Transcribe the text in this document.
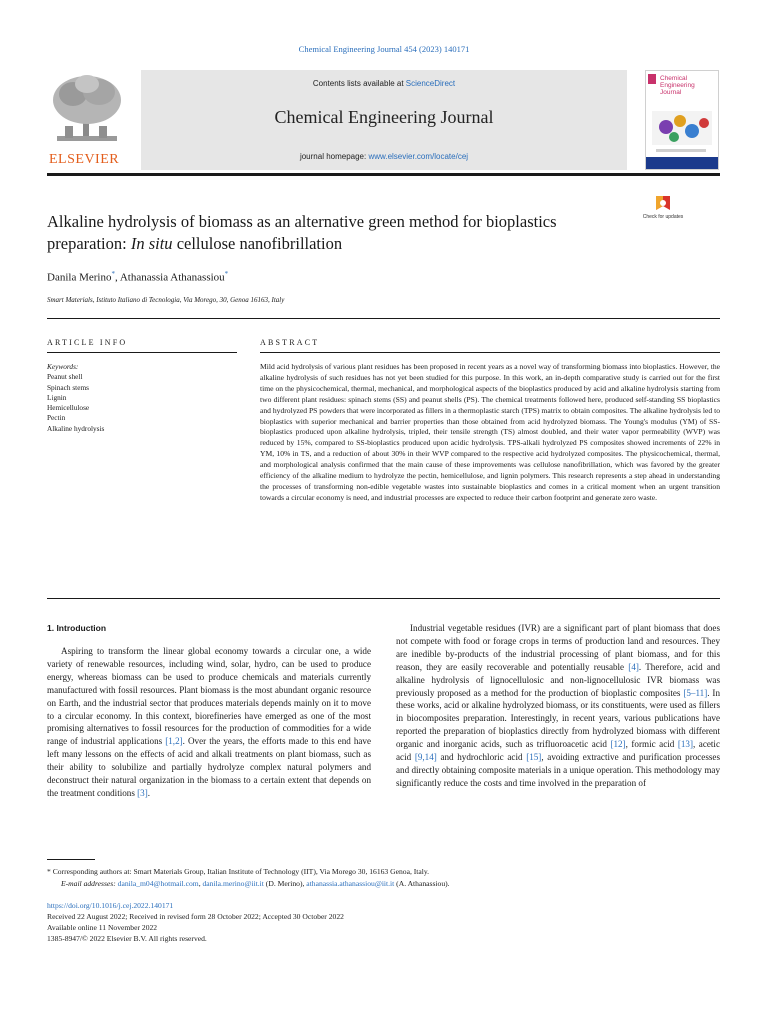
Chemical Engineering Journal 454 (2023) 140171
ELSEVIER
Contents lists available at ScienceDirect
Chemical Engineering Journal
journal homepage: www.elsevier.com/locate/cej
Chemical
Engineering
Journal
Alkaline hydrolysis of biomass as an alternative green method for bioplastics preparation: In situ cellulose nanofibrillation
Check for updates
Danila Merino*, Athanassia Athanassiou*
Smart Materials, Istituto Italiano di Tecnologia, Via Morego, 30, Genoa 16163, Italy
ARTICLE INFO	ABSTRACT
Keywords:
Peanut shell
Spinach stems
Lignin
Hemicellulose
Pectin
Alkaline hydrolysis
Mild acid hydrolysis of various plant residues has been proposed in recent years as a novel way of transforming biomass into bioplastics. However, the alkaline hydrolysis of such residues has not yet been studied for this purpose. In this work, an in-depth comparative study is carried out for the first time on the physicochemical, thermal, mechanical, and morphological aspects of the bioplastics produced by acid and alkaline hydrolysis starting from two different plant residues: spinach stems (SS) and peanut shells (PS). The chemical treatments followed here, produced self-standing SS bioplastics and hydrolyzed PS powders that were incorporated as fillers in a thermoplastic starch (TPS) matrix to obtain composites. The alkaline hydrolysis led to bioplastics with superior mechanical and barrier properties than those obtained from acid hydrolyzed biomass. The Young's modulus (YM) of SS-bioplastics produced upon alkaline hydrolysis, tripled, their tensile strength (TS) almost doubled, and their water vapor permeability (WVP) was reduced by 15%, compared to SS-bioplastics produced upon acidic hydrolysis. TPS-alkali hydrolyzed PS composites showed increments of 22% in YM, 10% in TS, and a reduction of about 30% in their WVP compared to the respective acid hydrolyzed composites. The physicochemical, thermal, and morphological analysis confirmed that the main cause of these improvements was cellulose nanofibrillation, which was favored by the greater efficiency of the alkaline medium to hydrolyze the pectin, hemicellulose, and lignin polymers. This research represents a step ahead in understanding the processes of transforming non-edible vegetable wastes into sustainable bioplastics and comes in a critical moment when an urgent transition towards a circular economy is need, and industrial processes are expected to reduce their carbon footprint and generate zero waste.
1. Introduction

Aspiring to transform the linear global economy towards a circular one, a wide variety of renewable resources, including wind, solar, hydro, can be used to produce energy, whereas biomass can be used to produce chemicals and materials currently manufactured with fossil resources. Plant biomass is the most abundant organic resource on Earth, and the industrial sector that produces materials depends mainly on it to move to a circular economy. In this context, biorefineries have emerged as one of the most promising alternatives to fossil resources for the production of commodities for a wide range of industrial applications [1,2]. Over the years, the efforts made to this end have left many lessons on the effects of acid and alkali treatments on plant biomass, such as their ability to solubilize and partially hydrolyze complex natural polymers and deconstruct their natural organization in the biomass to a certain extent that depends on the treatment conditions [3].

Industrial vegetable residues (IVR) are a significant part of plant biomass that does not compete with food or forage crops in terms of production land and resources. They are inedible by-products of the industrial processing of plant biomass, and for this reason, they are easily recoverable and potentially reusable [4]. Therefore, acid and alkaline hydrolysis of lignocellulosic and non-lignocellulosic IVR biomass was previously proposed as a method for the production of bioplastic composites [5–11]. In these works, acid or alkaline hydrolyzed biomass, or its constituents, were used as fillers in biocomposites preparation. Interestingly, in recent years, various publications have reported the preparation of bioplastics directly from hydrolyzed biomass with different organic and inorganic acids, such as trifluoroacetic acid [12], formic acid [13], acetic acid [9,14] and hydrochloric acid [15], avoiding extractive and purification processes and directly obtaining composite materials in a unique operation. This methodology may significantly reduce the costs and time involved in the preparation of

* Corresponding authors at: Smart Materials Group, Italian Institute of Technology (IIT), Via Morego 30, 16163 Genoa, Italy.
E-mail addresses: danila_m04@hotmail.com, danila.merino@iit.it (D. Merino), athanassia.athanassiou@iit.it (A. Athanassiou).
https://doi.org/10.1016/j.cej.2022.140171
Received 22 August 2022; Received in revised form 28 October 2022; Accepted 30 October 2022
Available online 11 November 2022
1385-8947/© 2022 Elsevier B.V. All rights reserved.
